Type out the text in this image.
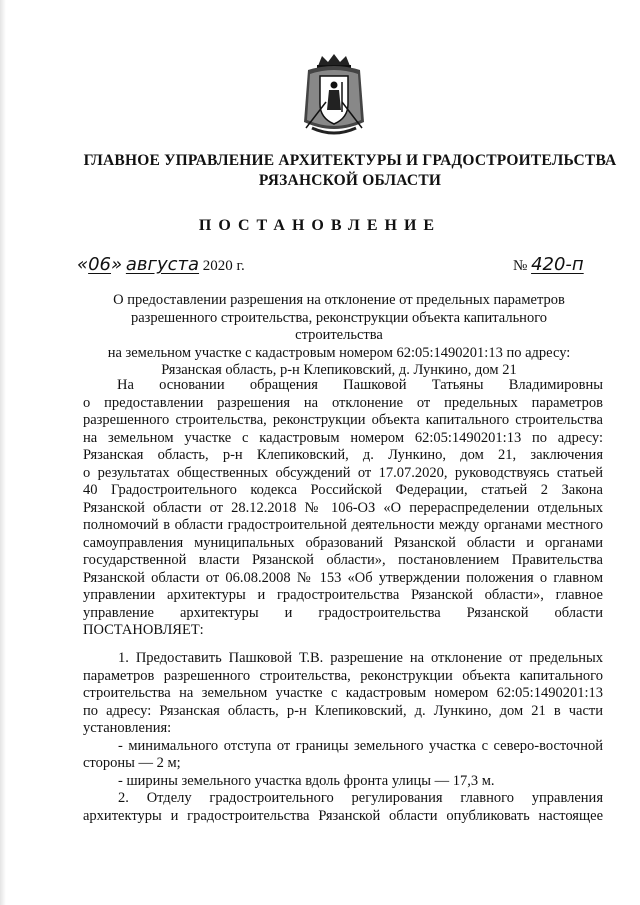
ГЛАВНОЕ УПРАВЛЕНИЕ АРХИТЕКТУРЫ И ГРАДОСТРОИТЕЛЬСТВА
РЯЗАНСКОЙ ОБЛАСТИ
ПОСТАНОВЛЕНИЕ
«06» августа 2020 г.	№ 420-п
О предоставлении разрешения на отклонение от предельных параметров
разрешенного строительства, реконструкции объекта капитального строительства
на земельном участке с кадастровым номером 62:05:1490201:13 по адресу:
Рязанская область, р-н Клепиковский, д. Лункино, дом 21
На основании обращения Пашковой Татьяны Владимировны
о предоставлении разрешения на отклонение от предельных параметров
разрешенного строительства, реконструкции объекта капитального строительства
на земельном участке с кадастровым номером 62:05:1490201:13 по адресу:
Рязанская область, р-н Клепиковский, д. Лункино, дом 21, заключения
о результатах общественных обсуждений от 17.07.2020, руководствуясь статьей
40 Градостроительного кодекса Российской Федерации, статьей 2 Закона
Рязанской области от 28.12.2018 № 106-ОЗ «О перераспределении отдельных
полномочий в области градостроительной деятельности между органами местного
самоуправления муниципальных образований Рязанской области и органами
государственной власти Рязанской области», постановлением Правительства
Рязанской области от 06.08.2008 № 153 «Об утверждении положения о главном
управлении архитектуры и градостроительства Рязанской области», главное
управление архитектуры и градостроительства Рязанской области
ПОСТАНОВЛЯЕТ:
1. Предоставить Пашковой Т.В. разрешение на отклонение от предельных
параметров разрешенного строительства, реконструкции объекта капитального
строительства на земельном участке с кадастровым номером 62:05:1490201:13
по адресу: Рязанская область, р-н Клепиковский, д. Лункино, дом 21 в части
установления:
- минимального отступа от границы земельного участка с северо-восточной
стороны — 2 м;
- ширины земельного участка вдоль фронта улицы — 17,3 м.
2. Отделу градостроительного регулирования главного управления
архитектуры и градостроительства Рязанской области опубликовать настоящее
